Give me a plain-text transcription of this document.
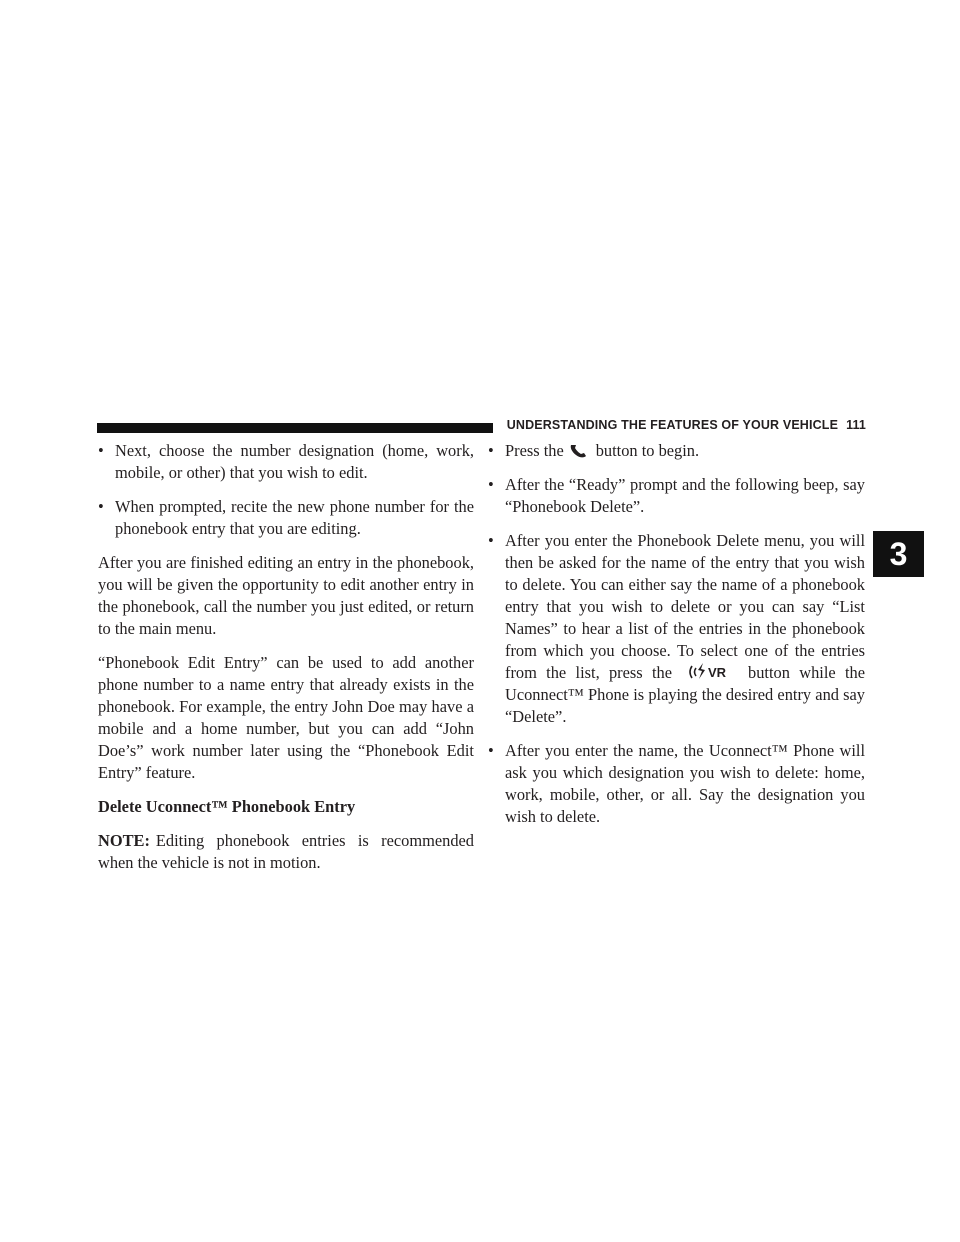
UNDERSTANDING THE FEATURES OF YOUR VEHICLE 111
3
• Next, choose the number designation (home, work, mobile, or other) that you wish to edit.
• When prompted, recite the new phone number for the phonebook entry that you are editing.

After you are finished editing an entry in the phonebook, you will be given the opportunity to edit another entry in the phonebook, call the number you just edited, or return to the main menu.

“Phonebook Edit Entry” can be used to add another phone number to a name entry that already exists in the phonebook. For example, the entry John Doe may have a mobile and a home number, but you can add “John Doe’s” work number later using the “Phonebook Edit Entry” feature.

Delete Uconnect™ Phonebook Entry

NOTE: Editing phonebook entries is recommended when the vehicle is not in motion.

• Press the button to begin.
• After the “Ready” prompt and the following beep, say “Phonebook Delete”.
• After you enter the Phonebook Delete menu, you will then be asked for the name of the entry that you wish to delete. You can either say the name of a phonebook entry that you wish to delete or you can say “List Names” to hear a list of the entries in the phonebook from which you choose. To select one of the entries from the list, press the	VR button while the Uconnect™ Phone is playing the desired entry and say “Delete”.
• After you enter the name, the Uconnect™ Phone will ask you which designation you wish to delete: home, work, mobile, other, or all. Say the designation you wish to delete.
